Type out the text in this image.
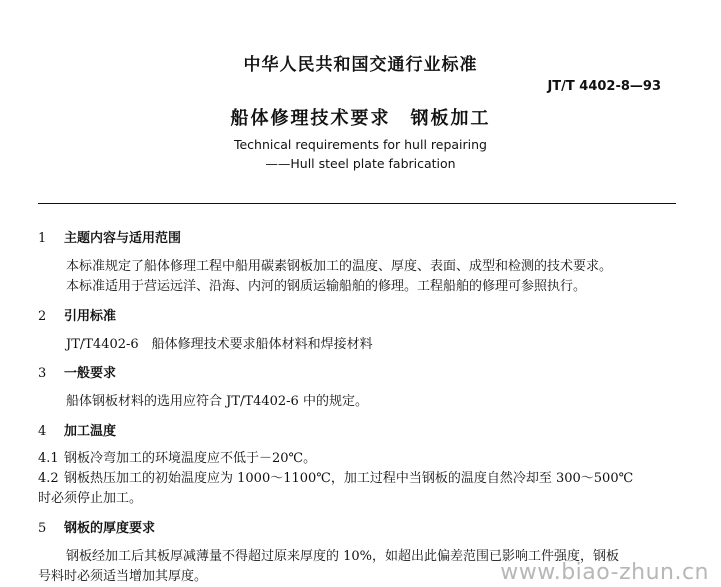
中华人民共和国交通行业标准
JT/T 4402-8—93
船体修理技术要求　钢板加工
Technical requirements for hull repairing
——Hull steel plate fabrication
1 主题内容与适用范围
本标准规定了船体修理工程中船用碳素钢板加工的温度、厚度、表面、成型和检测的技术要求。
本标准适用于营运远洋、沿海、内河的钢质运输船舶的修理。工程船舶的修理可参照执行。
2 引用标准
JT/T4402-6　船体修理技术要求船体材料和焊接材料
3 一般要求
船体钢板材料的选用应符合 JT/T4402-6 中的规定。
4 加工温度
4.1 钢板冷弯加工的环境温度应不低于－20℃。
4.2 钢板热压加工的初始温度应为 1000～1100℃，加工过程中当钢板的温度自然冷却至 300～500℃
时必须停止加工。
5 钢板的厚度要求
钢板经加工后其板厚减薄量不得超过原来厚度的 10%，如超出此偏差范围已影响工件强度，钢板
号料时必须适当增加其厚度。	www.biao-zhun.cn
